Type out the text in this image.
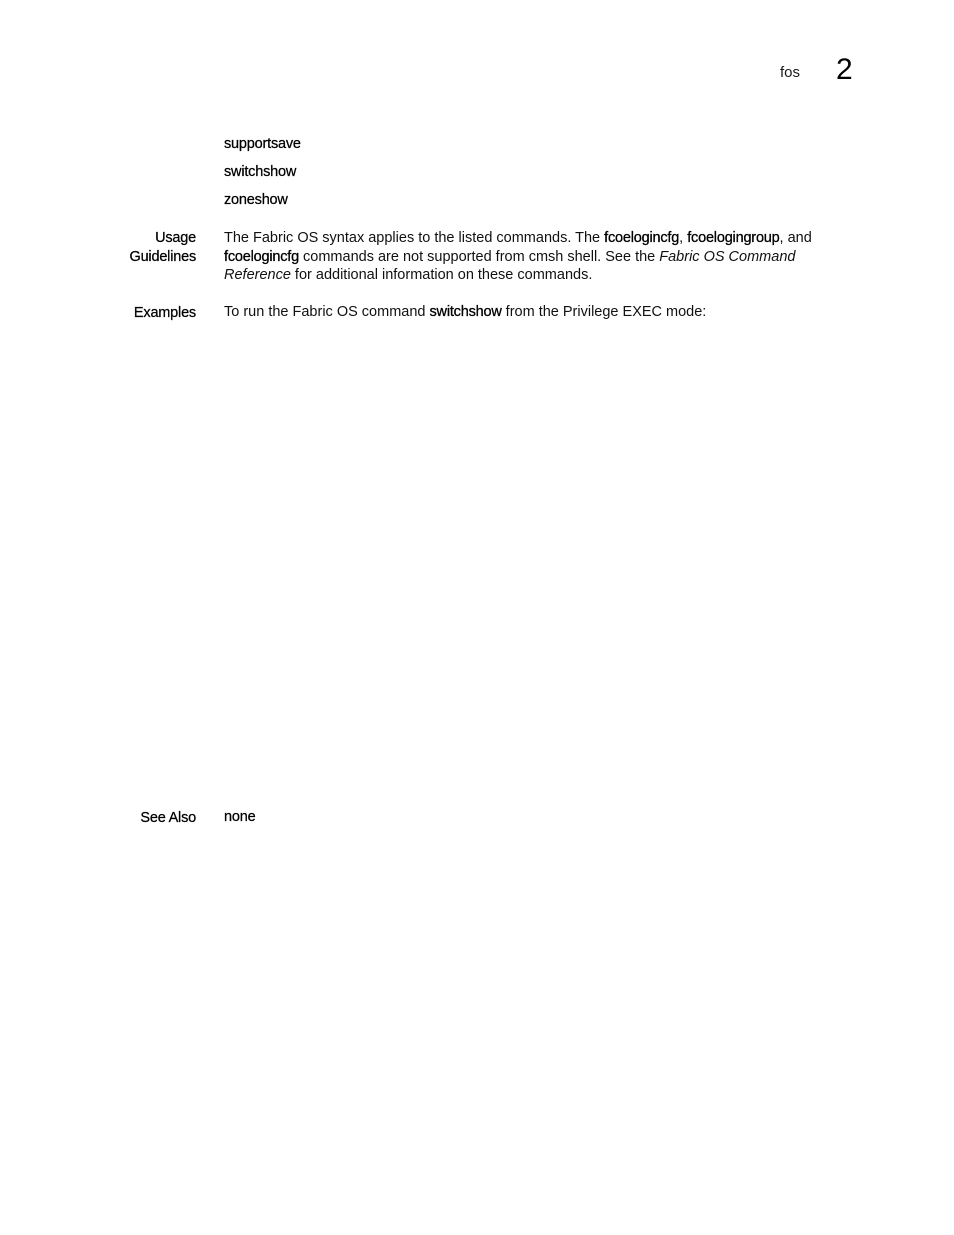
fos 2
supportsave
switchshow
zoneshow
Usage
Guidelines
The Fabric OS syntax applies to the listed commands. The fcoelogincfg, fcoelogingroup, and fcoelogincfg commands are not supported from cmsh shell. See the Fabric OS Command Reference for additional information on these commands.
Examples To run the Fabric OS command switchshow from the Privilege EXEC mode:
See Also none
